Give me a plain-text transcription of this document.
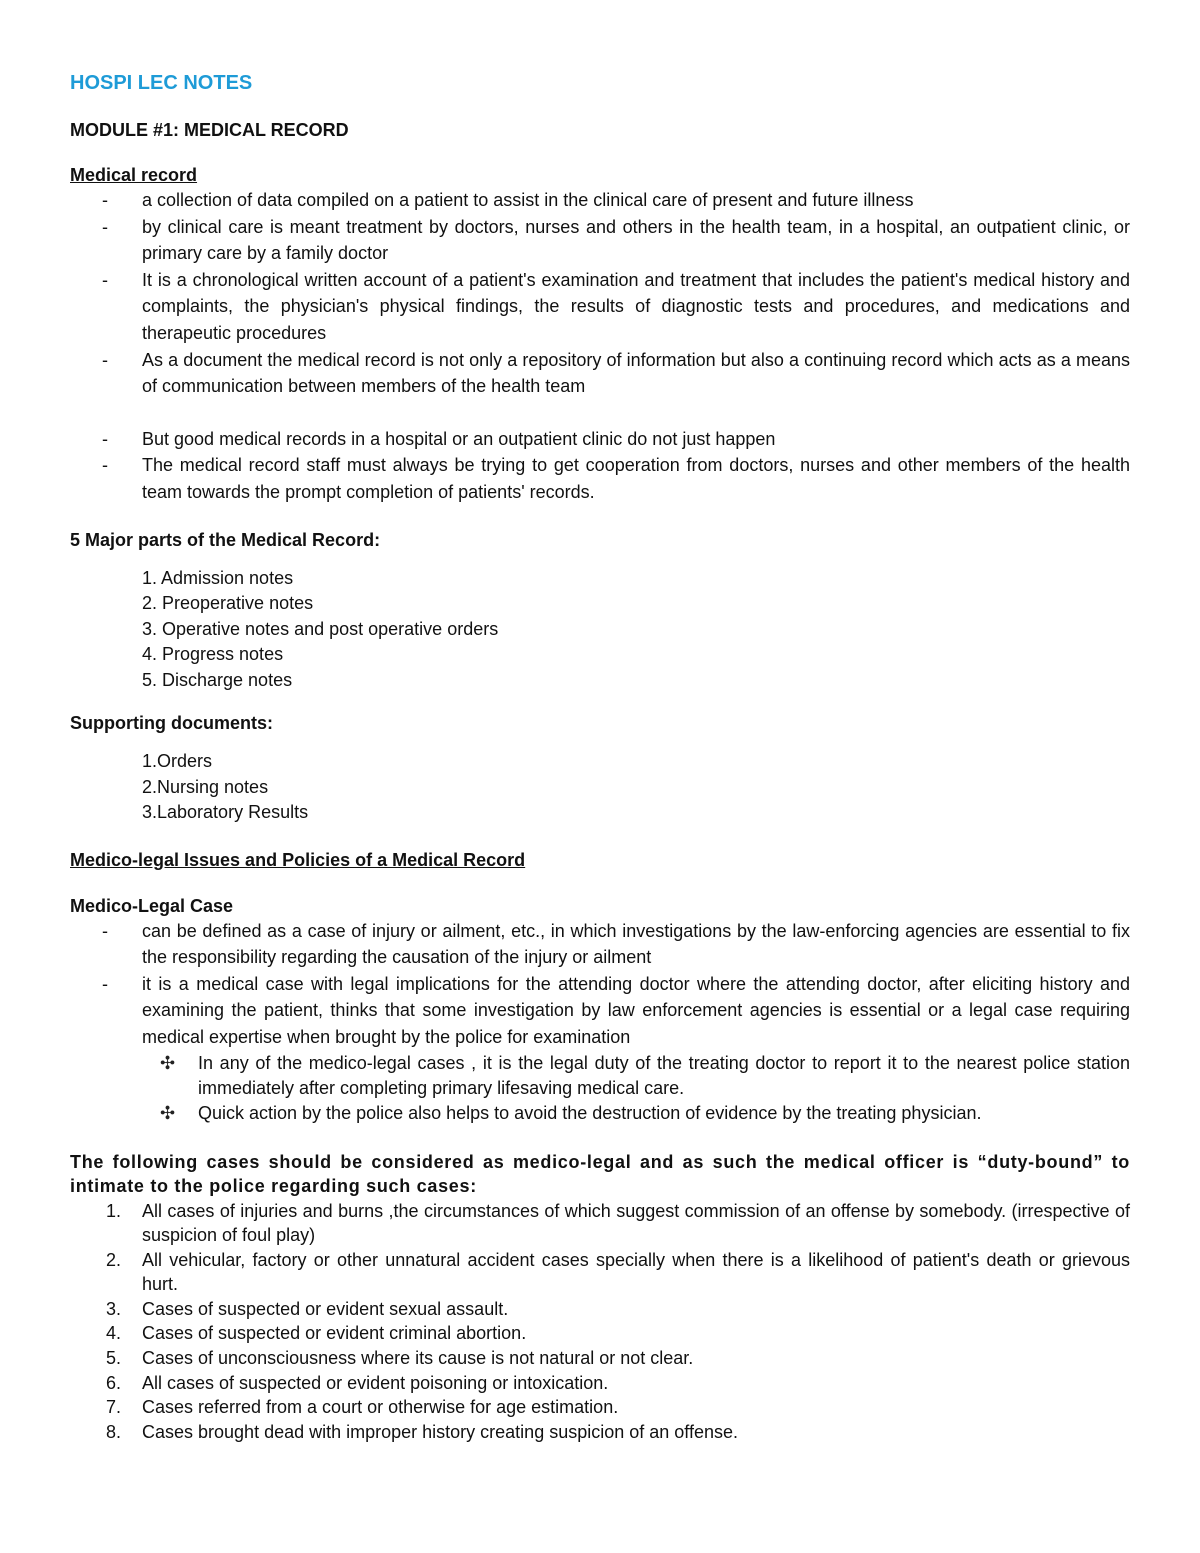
HOSPI LEC NOTES
MODULE #1: MEDICAL RECORD
Medical record
- a collection of data compiled on a patient to assist in the clinical care of present and future illness
- by clinical care is meant treatment by doctors, nurses and others in the health team, in a hospital, an outpatient clinic, or primary care by a family doctor
- It is a chronological written account of a patient's examination and treatment that includes the patient's medical history and complaints, the physician's physical findings, the results of diagnostic tests and procedures, and medications and therapeutic procedures
- As a document the medical record is not only a repository of information but also a continuing record which acts as a means of communication between members of the health team
- But good medical records in a hospital or an outpatient clinic do not just happen
- The medical record staff must always be trying to get cooperation from doctors, nurses and other members of the health team towards the prompt completion of patients' records.
5 Major parts of the Medical Record:
1. Admission notes
2. Preoperative notes
3. Operative notes and post operative orders
4. Progress notes
5. Discharge notes
Supporting documents:
1.Orders
2.Nursing notes
3.Laboratory Results
Medico-legal Issues and Policies of a Medical Record
Medico-Legal Case
- can be defined as a case of injury or ailment, etc., in which investigations by the law-enforcing agencies are essential to fix the responsibility regarding the causation of the injury or ailment
- it is a medical case with legal implications for the attending doctor where the attending doctor, after eliciting history and examining the patient, thinks that some investigation by law enforcement agencies is essential or a legal case requiring medical expertise when brought by the police for examination
✣ In any of the medico-legal cases , it is the legal duty of the treating doctor to report it to the nearest police station immediately after completing primary lifesaving medical care.
✣ Quick action by the police also helps to avoid the destruction of evidence by the treating physician.

The following cases should be considered as medico-legal and as such the medical officer is “duty-bound” to intimate to the police regarding such cases:

1. All cases of injuries and burns ,the circumstances of which suggest commission of an offense by somebody. (irrespective of suspicion of foul play)
2. All vehicular, factory or other unnatural accident cases specially when there is a likelihood of patient's death or grievous hurt.
3. Cases of suspected or evident sexual assault.
4. Cases of suspected or evident criminal abortion.
5. Cases of unconsciousness where its cause is not natural or not clear.
6. All cases of suspected or evident poisoning or intoxication.
7. Cases referred from a court or otherwise for age estimation.
8. Cases brought dead with improper history creating suspicion of an offense.
